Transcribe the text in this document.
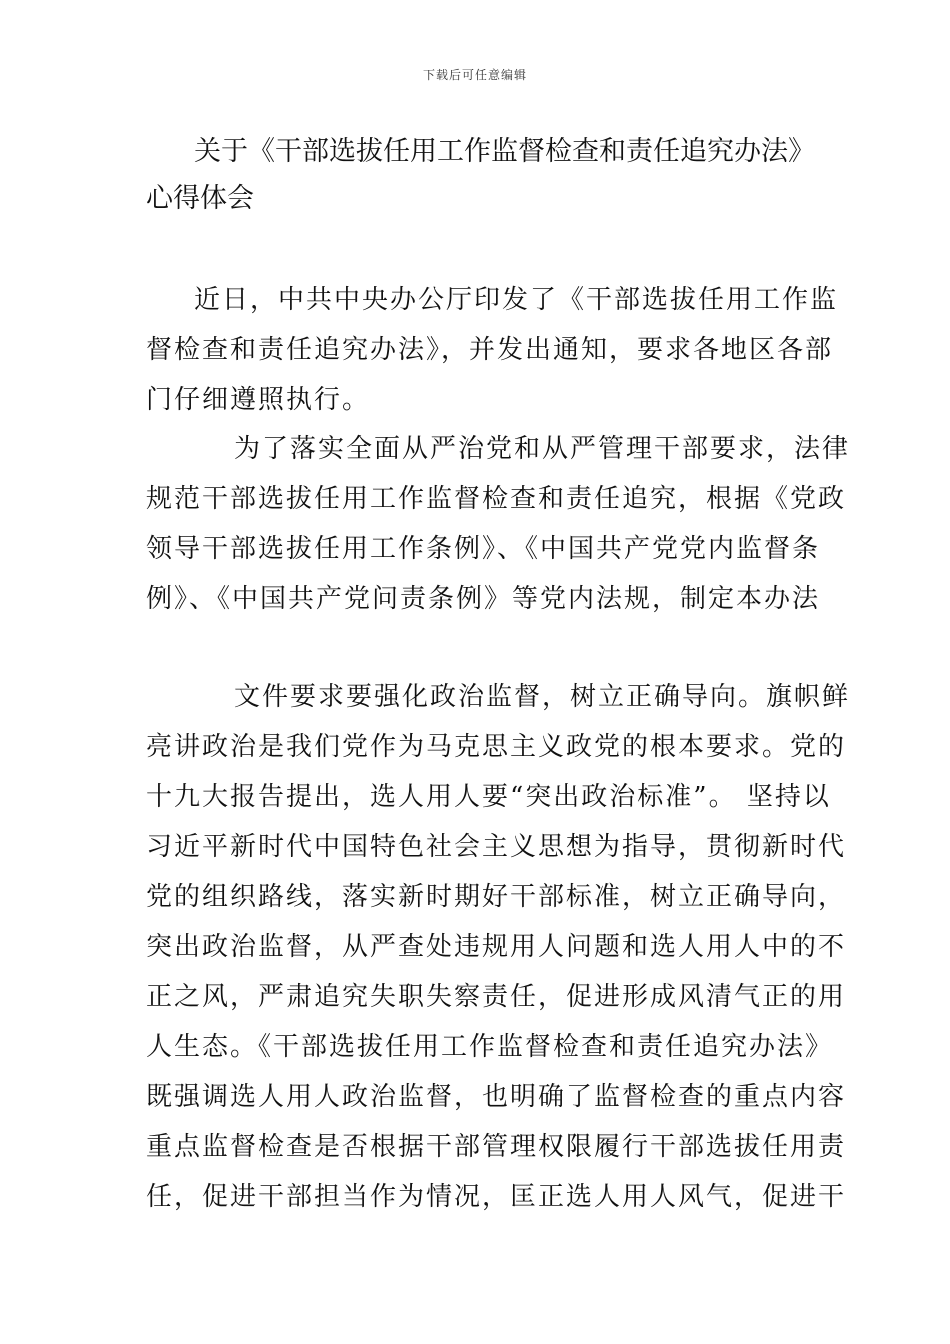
下载后可任意编辑
关于《干部选拔任用工作监督检查和责任追究办法》
心得体会

近日，中共中央办公厅印发了《干部选拔任用工作监
督检查和责任追究办法》，并发出通知，要求各地区各部
门仔细遵照执行。

为了落实全面从严治党和从严管理干部要求，法律
规范干部选拔任用工作监督检查和责任追究，根据《党政
领导干部选拔任用工作条例》、《中国共产党党内监督条
例》、《中国共产党问责条例》等党内法规，制定本办法

文件要求要强化政治监督，树立正确导向。旗帜鲜
亮讲政治是我们党作为马克思主义政党的根本要求。党的
十九大报告提出，选人用人要“突出政治标准”。 坚持以
习近平新时代中国特色社会主义思想为指导，贯彻新时代
党的组织路线，落实新时期好干部标准，树立正确导向，
突出政治监督，从严查处违规用人问题和选人用人中的不
正之风，严肃追究失职失察责任，促进形成风清气正的用
人生态。《干部选拔任用工作监督检查和责任追究办法》
既强调选人用人政治监督，也明确了监督检查的重点内容
重点监督检查是否根据干部管理权限履行干部选拔任用责
任，促进干部担当作为情况，匡正选人用人风气，促进干
